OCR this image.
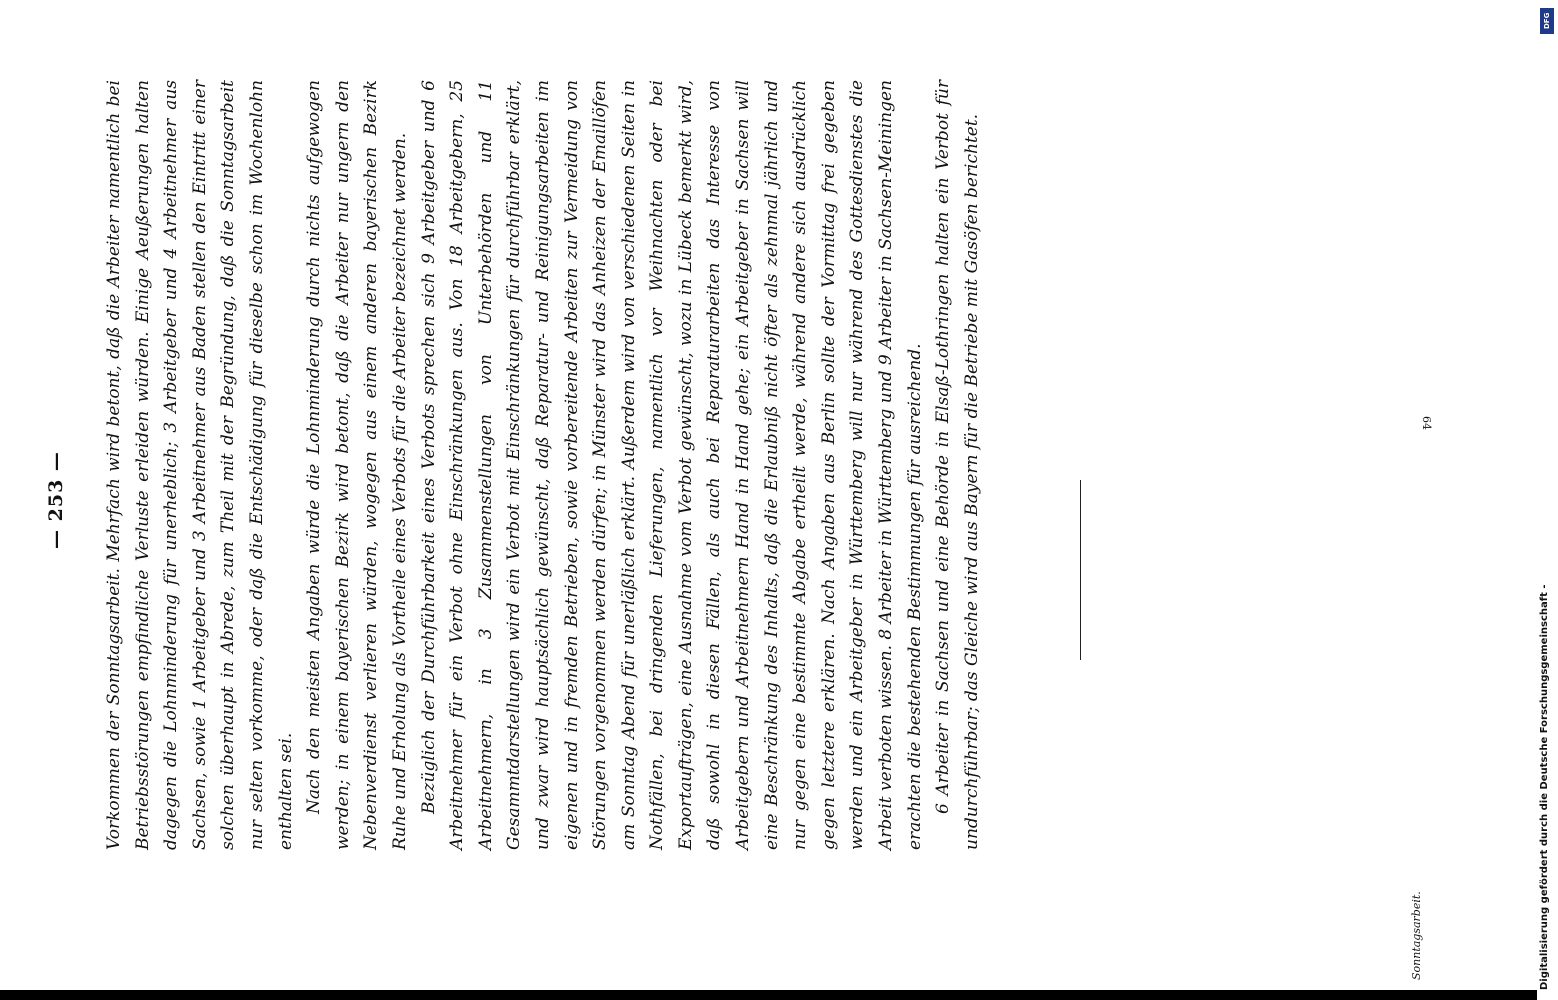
— 253 — Vorkommen der Sonntagsarbeit. Mehrfach wird betont, daß die Arbeiter namentlich bei Betriebsstörungen empfindliche Verluste erleiden würden. Einige Aeußerungen halten dagegen die Lohnminderung für unerheblich; 3 Arbeitgeber und 4 Arbeitnehmer aus Sachsen, sowie 1 Arbeitgeber und 3 Arbeitnehmer aus Baden stellen den Eintritt einer solchen überhaupt in Abrede, zum Theil mit der Begründung, daß die Sonntagsarbeit nur selten vorkomme, oder daß die Entschädigung für dieselbe schon im Wochenlohn enthalten sei. Nach den meisten Angaben würde die Lohnminderung durch nichts aufgewogen werden; in einem bayerischen Bezirk wird betont, daß die Arbeiter nur ungern den Nebenverdienst verlieren würden, wogegen aus einem anderen bayerischen Bezirk Ruhe und Erholung als Vortheile eines Verbots für die Arbeiter bezeichnet werden. Bezüglich der Durchführbarkeit eines Verbots sprechen sich 9 Arbeitgeber und 6 Arbeitnehmer für ein Verbot ohne Einschränkungen aus. Von 18 Arbeitgebern, 25 Arbeitnehmern, in 3 Zusammenstellungen von Unterbehörden und 11 Gesammtdarstellungen wird ein Verbot mit Einschränkungen für durchführbar erklärt, und zwar wird hauptsächlich gewünscht, daß Reparatur- und Reinigungsarbeiten im eigenen und in fremden Betrieben, sowie vorbereitende Arbeiten zur Vermeidung von Störungen vorgenommen werden dürfen; in Münster wird das Anheizen der Emaillöfen am Sonntag Abend für unerläßlich erklärt. Außerdem wird von verschiedenen Seiten in Nothfällen, bei dringenden Lieferungen, namentlich vor Weihnachten oder bei Exportaufträgen, eine Ausnahme vom Verbot gewünscht, wozu in Lübeck bemerkt wird, daß sowohl in diesen Fällen, als auch bei Reparaturarbeiten das Interesse von Arbeitgebern und Arbeitnehmern Hand in Hand gehe; ein Arbeitgeber in Sachsen will eine Beschränkung des Inhalts, daß die Erlaubniß nicht öfter als zehnmal jährlich und nur gegen eine bestimmte Abgabe ertheilt werde, während andere sich ausdrücklich gegen letztere erklären. Nach Angaben aus Berlin sollte der Vormittag frei gegeben werden und ein Arbeitgeber in Württemberg will nur während des Gottesdienstes die Arbeit verboten wissen. 8 Arbeiter in Württemberg und 9 Arbeiter in Sachsen-Meiningen erachten die bestehenden Bestimmungen für ausreichend. 6 Arbeiter in Sachsen und eine Behörde in Elsaß-Lothringen halten ein Verbot für undurchführbar; das Gleiche wird aus Bayern für die Betriebe mit Gasöfen berichtet.

Sonntagsarbeit.
64
DFG
Digitalisierung gefördert durch die Deutsche Forschungsgemeinschaft -
